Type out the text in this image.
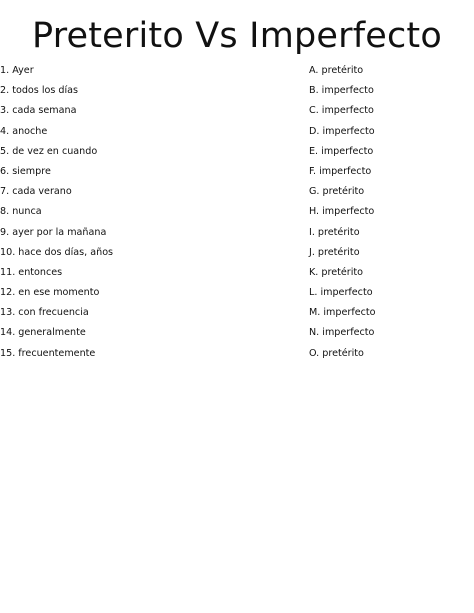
Preterito Vs Imperfecto
1. Ayer
2. todos los días
3. cada semana
4. anoche
5. de vez en cuando
6. siempre
7. cada verano
8. nunca
9. ayer por la mañana
10. hace dos días, años
11. entonces
12. en ese momento
13. con frecuencia
14. generalmente
15. frecuentemente
A. pretérito
B. imperfecto
C. imperfecto
D. imperfecto
E. imperfecto
F. imperfecto
G. pretérito
H. imperfecto
I. pretérito
J. pretérito
K. pretérito
L. imperfecto
M. imperfecto
N. imperfecto
O. pretérito
